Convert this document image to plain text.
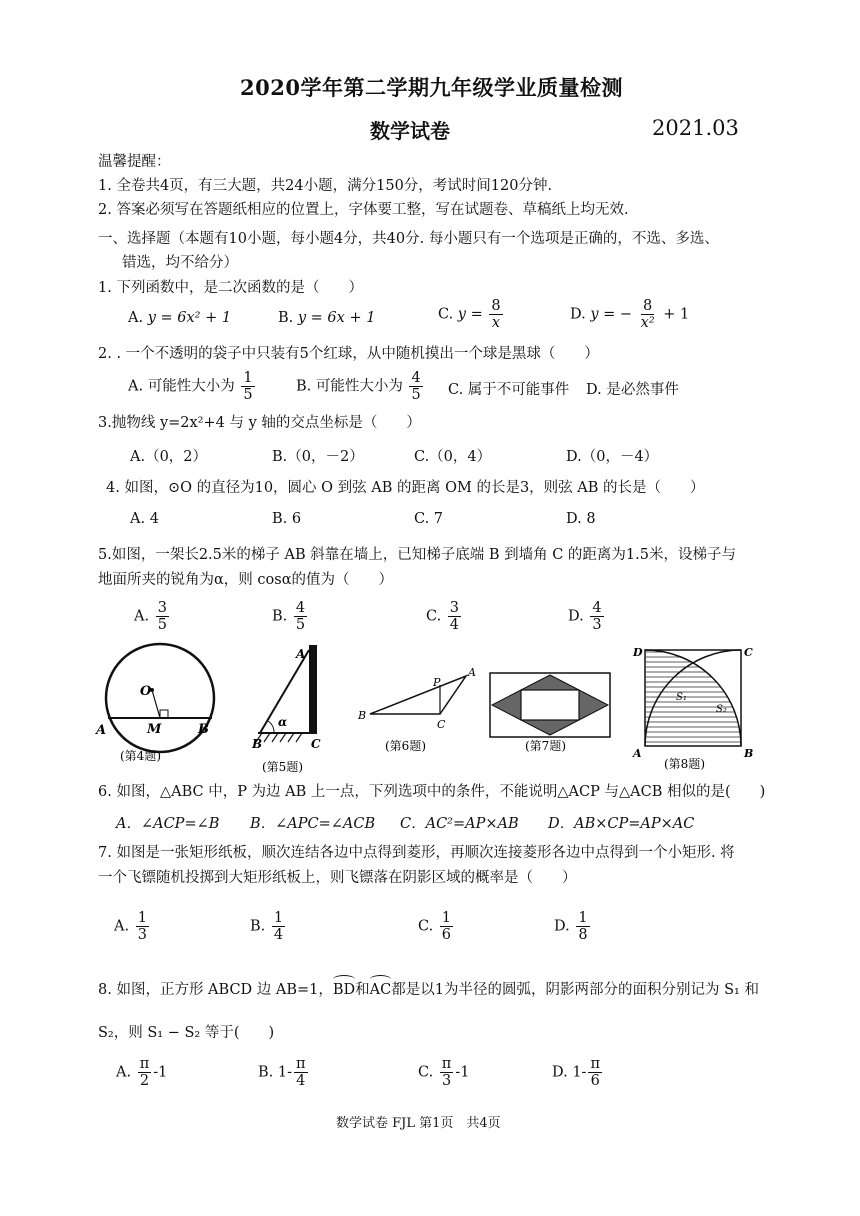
2020学年第二学期九年级学业质量检测
数学试卷	2021.03
温馨提醒：
1. 全卷共4页，有三大题，共24小题，满分150分，考试时间120分钟.
2. 答案必须写在答题纸相应的位置上，字体要工整，写在试题卷、草稿纸上均无效.
一、选择题（本题有10小题，每小题4分，共40分. 每小题只有一个选项是正确的，不选、多选、
错选，均不给分）
1. 下列函数中，是二次函数的是（　　）
A. y = 6x² + 1	B. y = 6x + 1	C. $y = \frac{8}{x}$	D. y = − $\frac{8}{\text{x²}} + 1$
2. . 一个不透明的袋子中只装有5个红球，从中随机摸出一个球是黑球（　　）
A. 可能性大小为 $\frac{1}{5}$	B. 可能性大小为 $\frac{4}{5} C$. 属于不可能事件 D. 是必然事件
3.抛物线 y=2x²+4 与 y 轴的交点坐标是（　　）
A.（0，2）	B.（0，－2）	C.（0，4）	D.（0，－4）
4. 如图，⊙O 的直径为10，圆心 O 到弦 AB 的距离 OM 的长是3，则弦 AB 的长是（　　）
A. 4	B. 6	C. 7	D. 8
5.如图，一架长2.5米的梯子 AB 斜靠在墙上，已知梯子底端 B 到墙角 C 的距离为1.5米，设梯子与
地面所夹的锐角为α，则 cosα的值为（　　）
A. $\frac{3}{5}$	B. $\frac{4}{5}$	C. $\frac{3}{4}$	D. $\frac{4}{3}$
O
A	B
M
(第4题)
A
B	C
α
(第5题)
A
B
C
P
(第6题)	(第7题)
D	C
A	B
S₁
S₂
(第8题)
6. 如图，△ABC 中，P 为边 AB 上一点，下列选项中的条件，不能说明△ACP 与△ACB 相似的是(　　)
A．∠ACP=∠B B．∠APC=∠ACB C．AC²=AP×AB D．AB×CP=AP×AC
7. 如图是一张矩形纸板，顺次连结各边中点得到菱形，再顺次连接菱形各边中点得到一个小矩形. 将
一个飞镖随机投掷到大矩形纸板上，则飞镖落在阴影区域的概率是（　　）
A. $\frac{1}{3}$	B. $\frac{1}{4}$	C. $\frac{1}{6}$	D. $\frac{1}{8}$
8. 如图，正方形 ABCD 边 AB=1，BD和AC都是以1为半径的圆弧，阴影两部分的面积分别记为 S₁ 和
S₂，则 S₁ − S₂ 等于(　　)
A. $\frac{\pi}{2} -1$	B. $1- \frac{\pi}{4}$	C. $\frac{\pi}{3} -1$	D. $1- \frac{\pi}{6}$
数学试卷 FJL 第1页　共4页
